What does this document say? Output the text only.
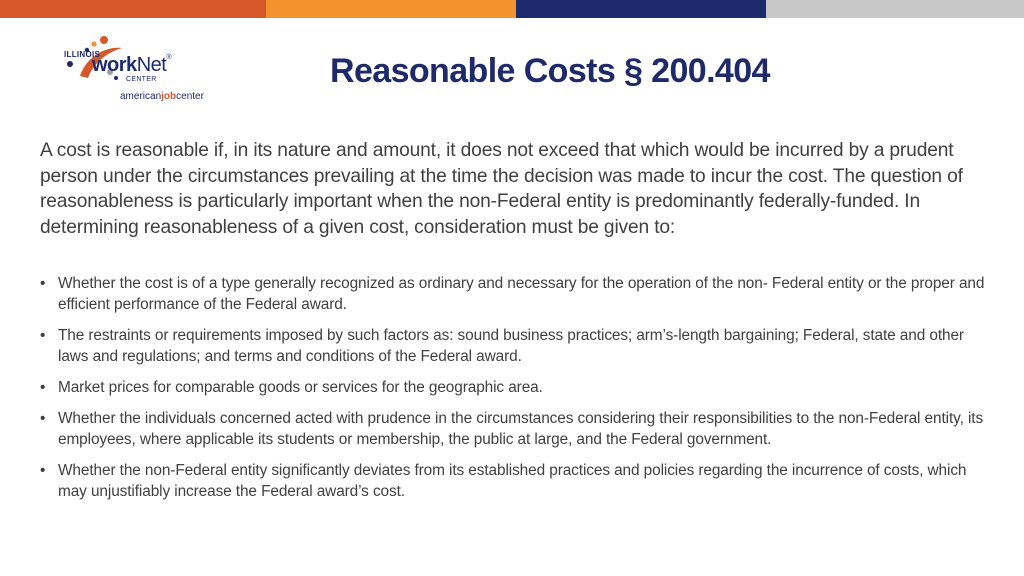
ILLINOIS
workNet®
CENTER
americanjobcenter
Reasonable Costs § 200.404

A cost is reasonable if, in its nature and amount, it does not exceed that which would be incurred by a prudent person under the circumstances prevailing at the time the decision was made to incur the cost. The question of reasonableness is particularly important when the non-Federal entity is predominantly federally-funded. In determining reasonableness of a given cost, consideration must be given to:

• Whether the cost is of a type generally recognized as ordinary and necessary for the operation of the non- Federal entity or the proper and efficient performance of the Federal award.
• The restraints or requirements imposed by such factors as: sound business practices; arm’s-length bargaining; Federal, state and other laws and regulations; and terms and conditions of the Federal award.
• Market prices for comparable goods or services for the geographic area.
• Whether the individuals concerned acted with prudence in the circumstances considering their responsibilities to the non-Federal entity, its employees, where applicable its students or membership, the public at large, and the Federal government.
• Whether the non-Federal entity significantly deviates from its established practices and policies regarding the incurrence of costs, which may unjustifiably increase the Federal award’s cost.
